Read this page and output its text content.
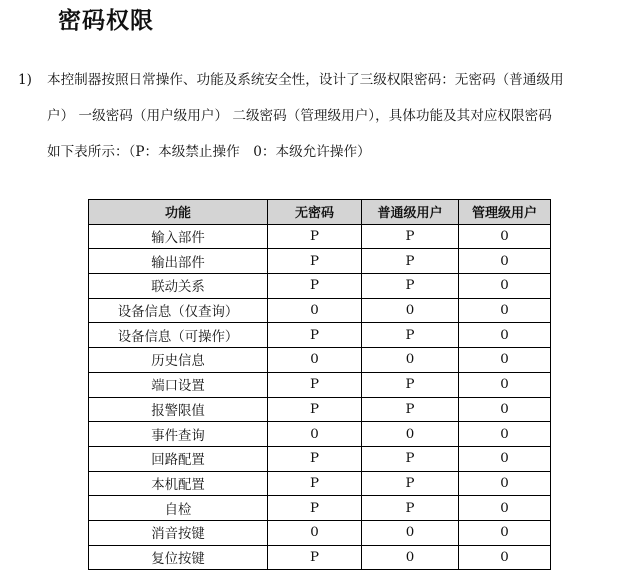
密码权限
1)	本控制器按照日常操作、功能及系统安全性，设计了三级权限密码：无密码（普通级用
户） 一级密码（用户级用户） 二级密码（管理级用户），具体功能及其对应权限密码
如下表所示：（P：本级禁止操作　0：本级允许操作）
功能	无密码	普通级用户	管理级用户
输入部件	P	P	0
输出部件	P	P	0
联动关系	P	P	0
设备信息（仅查询）	0	0	0
设备信息（可操作）	P	P	0
历史信息	0	0	0
端口设置	P	P	0
报警限值	P	P	0
事件查询	0	0	0
回路配置	P	P	0
本机配置	P	P	0
自检	P	P	0
消音按键	0	0	0
复位按键	P	0	0
